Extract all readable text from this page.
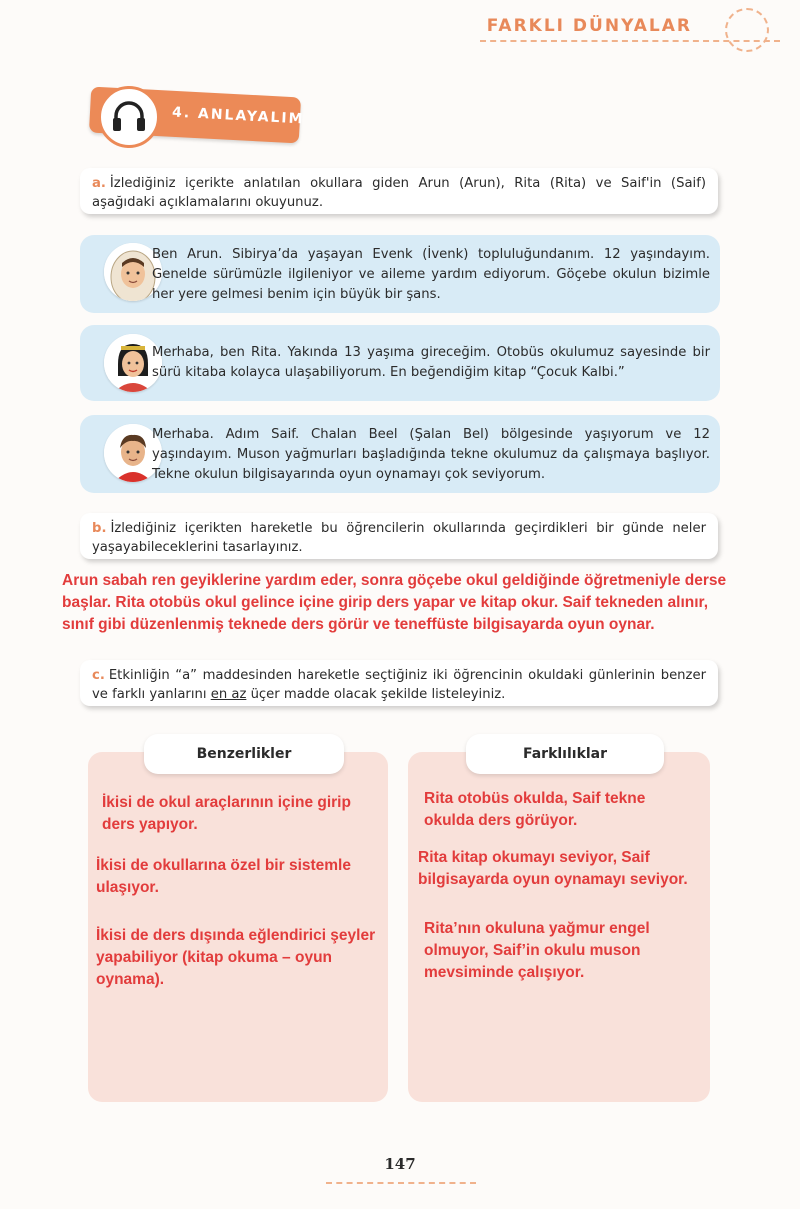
FARKLI DÜNYALAR
4. ANLAYALIM
a. İzlediğiniz içerikte anlatılan okullara giden Arun (Arun), Rita (Rita) ve Saif'in (Saif) aşağıdaki açıklamalarını okuyunuz.
Ben Arun. Sibirya’da yaşayan Evenk (İvenk) topluluğundanım. 12 yaşındayım. Genelde sürümüzle ilgileniyor ve aileme yardım ediyorum. Göçebe okulun bizimle her yere gelmesi benim için büyük bir şans.
Merhaba, ben Rita. Yakında 13 yaşıma gireceğim. Otobüs okulumuz sayesinde bir sürü kitaba kolayca ulaşabiliyorum. En beğendiğim kitap “Çocuk Kalbi.”
Merhaba. Adım Saif. Chalan Beel (Şalan Bel) bölgesinde yaşıyorum ve 12 yaşındayım. Muson yağmurları başladığında tekne okulumuz da çalışmaya başlıyor. Tekne okulun bilgisayarında oyun oynamayı çok seviyorum.
b. İzlediğiniz içerikten hareketle bu öğrencilerin okullarında geçirdikleri bir günde neler yaşayabileceklerini tasarlayınız.
Arun sabah ren geyiklerine yardım eder, sonra göçebe okul geldiğinde öğretmeniyle derse başlar. Rita otobüs okul gelince içine girip ders yapar ve kitap okur. Saif tekneden alınır, sınıf gibi düzenlenmiş teknede ders görür ve teneffüste bilgisayarda oyun oynar.
c. Etkinliğin “a” maddesinden hareketle seçtiğiniz iki öğrencinin okuldaki günlerinin benzer ve farklı yanlarını en az üçer madde olacak şekilde listeleyiniz.
Benzerlikler
İkisi de okul araçlarının içine girip ders yapıyor.
İkisi de okullarına özel bir sistemle ulaşıyor.
İkisi de ders dışında eğlendirici şeyler yapabiliyor (kitap okuma – oyun oynama).
Farklılıklar
Rita otobüs okulda, Saif tekne okulda ders görüyor.
Rita kitap okumayı seviyor, Saif bilgisayarda oyun oynamayı seviyor.
Rita’nın okuluna yağmur engel olmuyor, Saif’in okulu muson mevsiminde çalışıyor.
147
